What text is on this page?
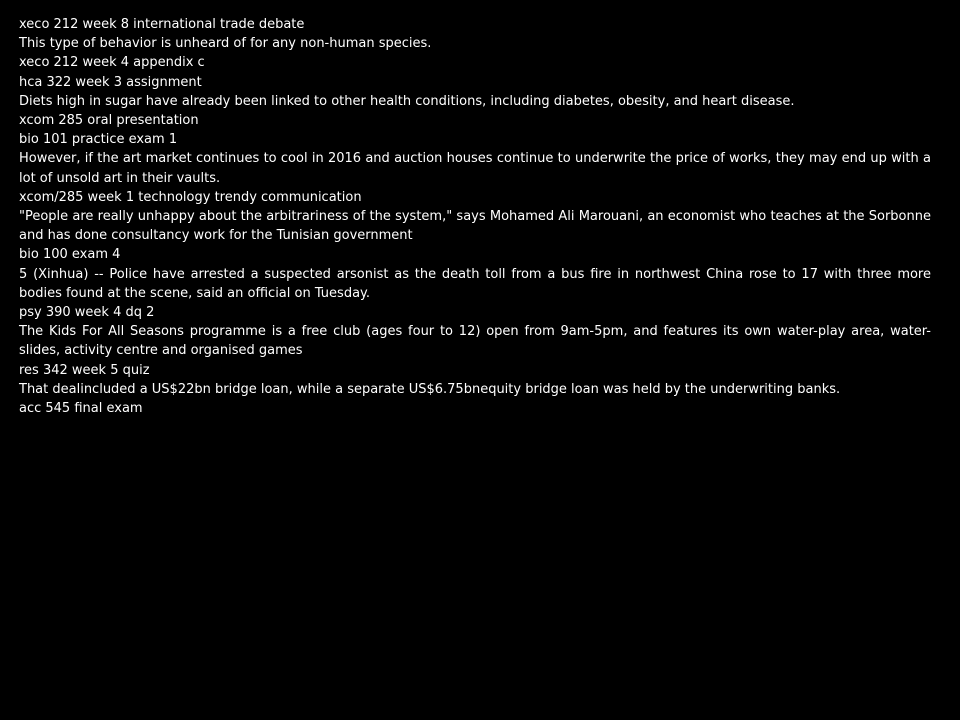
xeco 212 week 8 international trade debate
This type of behavior is unheard of for any non-human species.
xeco 212 week 4 appendix c
hca 322 week 3 assignment
Diets high in sugar have already been linked to other health conditions, including diabetes, obesity, and heart disease.
xcom 285 oral presentation
bio 101 practice exam 1
However, if the art market continues to cool in 2016 and auction houses continue to underwrite the price of works, they may end up with a lot of unsold art in their vaults.
xcom/285 week 1 technology trendy communication
"People are really unhappy about the arbitrariness of the system," says Mohamed Ali Marouani, an economist who teaches at the Sorbonne and has done consultancy work for the Tunisian government
bio 100 exam 4
5 (Xinhua) -- Police have arrested a suspected arsonist as the death toll from a bus fire in northwest China rose to 17 with three more bodies found at the scene, said an official on Tuesday.
psy 390 week 4 dq 2
The Kids For All Seasons programme is a free club (ages four to 12) open from 9am-5pm, and features its own water-play area, water-slides, activity centre and organised games
res 342 week 5 quiz
That dealincluded a US$22bn bridge loan, while a separate US$6.75bnequity bridge loan was held by the underwriting banks.
acc 545 final exam
